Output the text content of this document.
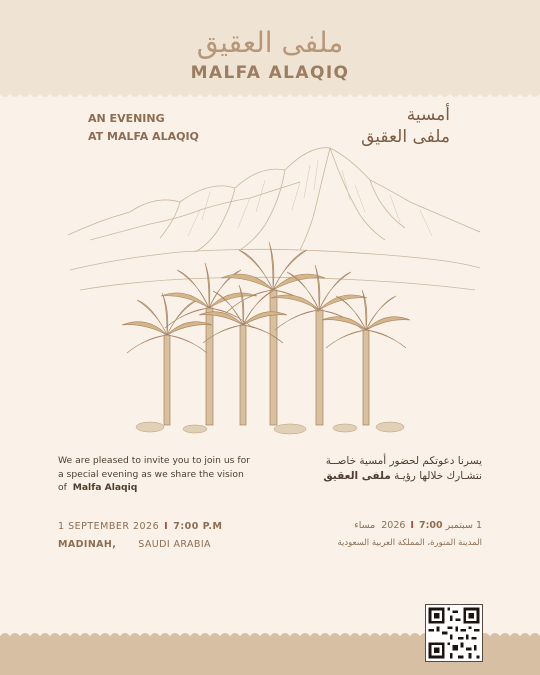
ملفى العقيق
MALFA ALAQIQ
AN EVENING
AT MALFA ALAQIQ
أمسية
ملفى العقيق
We are pleased to invite you to join us for a special evening as we share the vision of Malfa Alaqiq
يسرنا دعوتكم لحضور أمسية خاصــة
نتشـارك خلالها رؤيـة ملفى العقيق
1 SEPTEMBER 2026 I 7:00 P.M
MADINAH, SAUDI ARABIA
1 سبتمبر 2026I 7:00  مساء
المدينة المنورة، المملكة العربية السعودية
